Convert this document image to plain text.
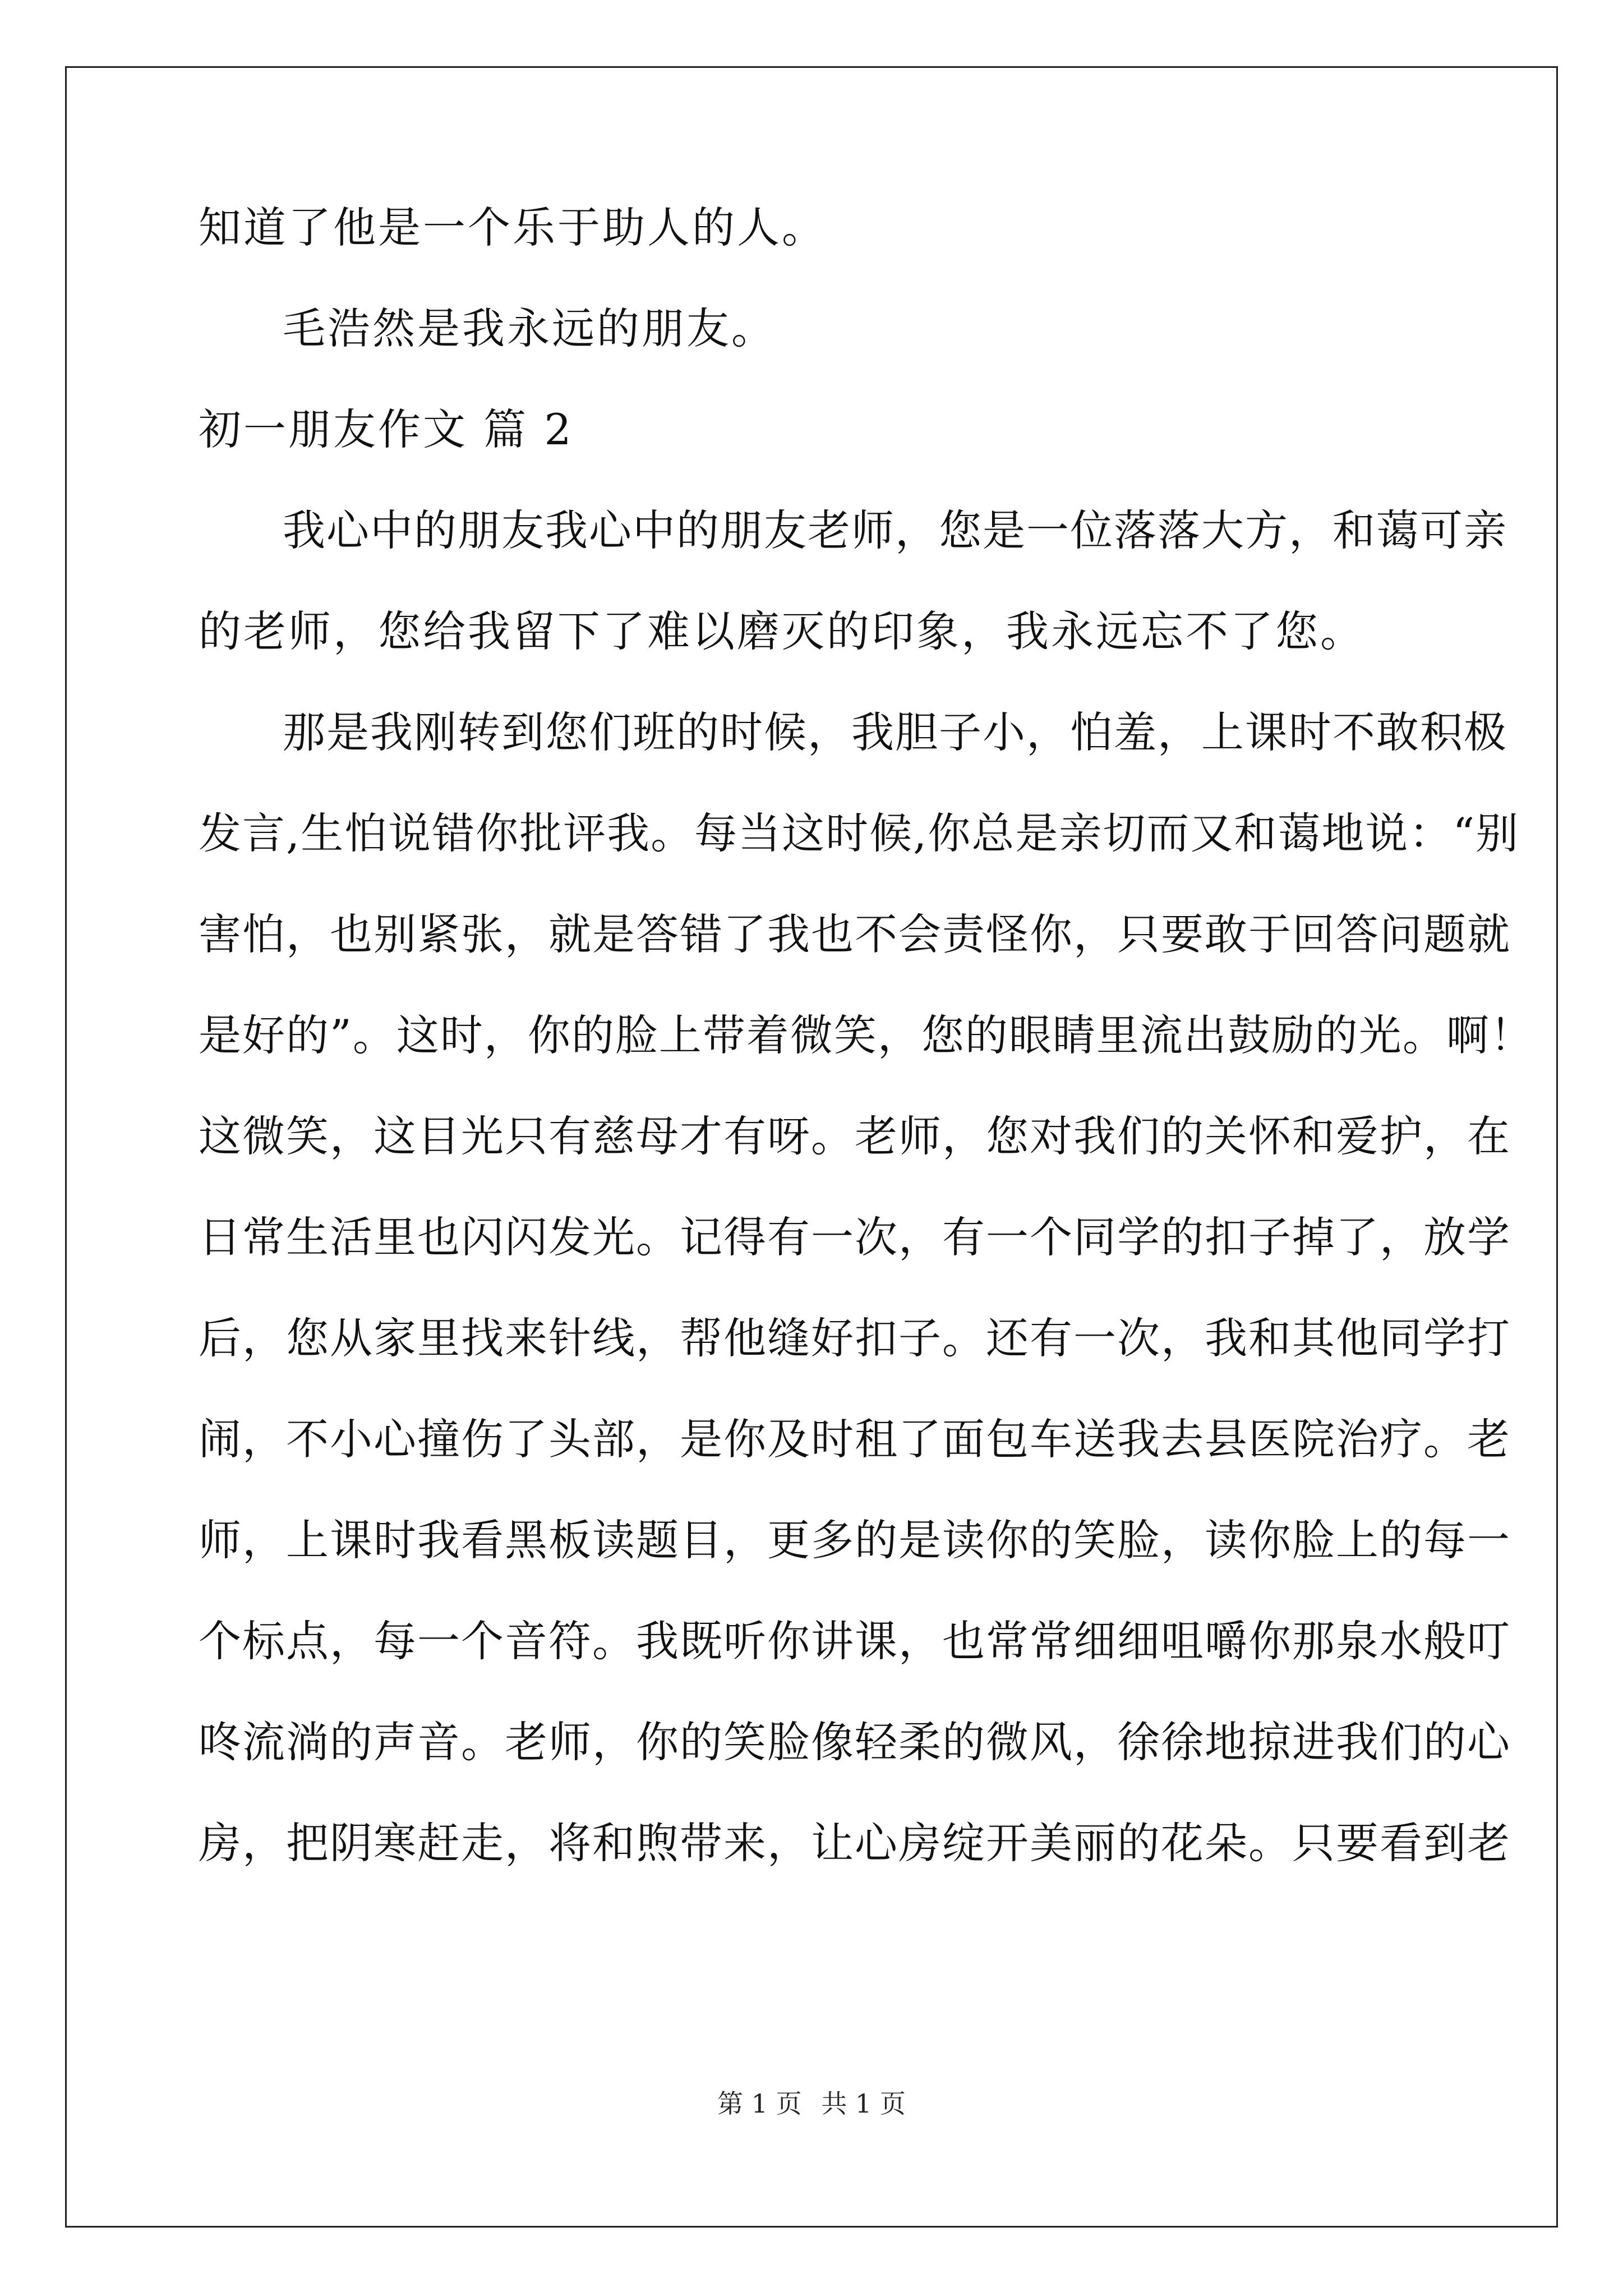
知道了他是一个乐于助人的人。
毛浩然是我永远的朋友。
初一朋友作文 篇 2
我心中的朋友我心中的朋友老师，您是一位落落大方，和蔼可亲
的老师，您给我留下了难以磨灭的印象，我永远忘不了您。
那是我刚转到您们班的时候，我胆子小，怕羞，上课时不敢积极
发言,生怕说错你批评我。每当这时候,你总是亲切而又和蔼地说：“别
害怕，也别紧张，就是答错了我也不会责怪你，只要敢于回答问题就
是好的”。这时，你的脸上带着微笑，您的眼睛里流出鼓励的光。啊！
这微笑，这目光只有慈母才有呀。老师，您对我们的关怀和爱护，在
日常生活里也闪闪发光。记得有一次，有一个同学的扣子掉了，放学
后，您从家里找来针线，帮他缝好扣子。还有一次，我和其他同学打
闹，不小心撞伤了头部，是你及时租了面包车送我去县医院治疗。老
师，上课时我看黑板读题目，更多的是读你的笑脸，读你脸上的每一
个标点，每一个音符。我既听你讲课，也常常细细咀嚼你那泉水般叮
咚流淌的声音。老师，你的笑脸像轻柔的微风，徐徐地掠进我们的心
房，把阴寒赶走，将和煦带来，让心房绽开美丽的花朵。只要看到老
第 1 页 共 1 页
